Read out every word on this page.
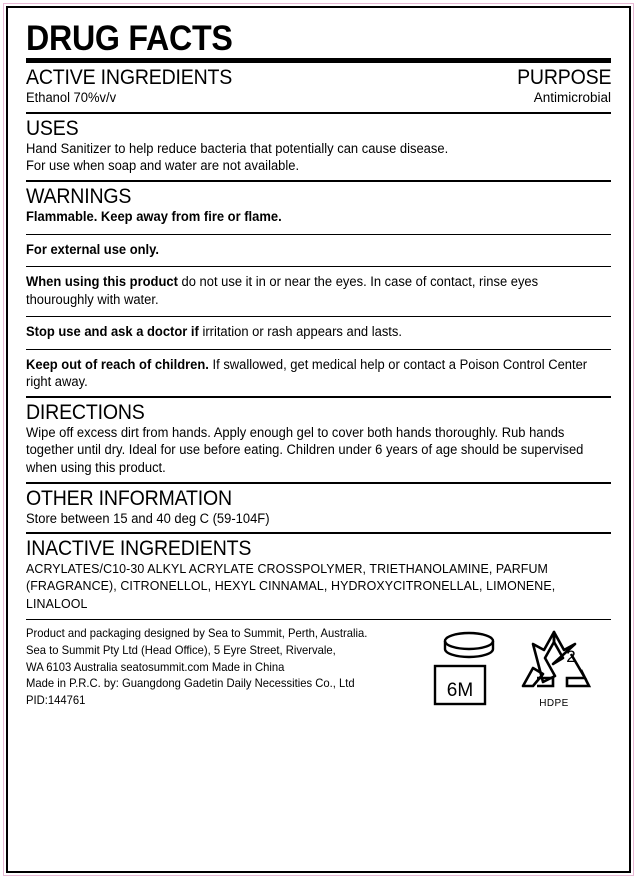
DRUG FACTS
ACTIVE INGREDIENTS	PURPOSE
Ethanol 70%v/v	Antimicrobial
USES
Hand Sanitizer to help reduce bacteria that potentially can cause disease.
For use when soap and water are not available.
WARNINGS
Flammable. Keep away from fire or flame.
For external use only.
When using this product do not use it in or near the eyes. In case of contact, rinse eyes thouroughly with water.
Stop use and ask a doctor if irritation or rash appears and lasts.
Keep out of reach of children. If swallowed, get medical help or contact a Poison Control Center right away.
DIRECTIONS
Wipe off excess dirt from hands. Apply enough gel to cover both hands thoroughly. Rub hands together until dry. Ideal for use before eating. Children under 6 years of age should be supervised when using this product.
OTHER INFORMATION
Store between 15 and 40 deg C (59-104F)
INACTIVE INGREDIENTS
ACRYLATES/C10-30 ALKYL ACRYLATE CROSSPOLYMER, TRIETHANOLAMINE, PARFUM (FRAGRANCE), CITRONELLOL, HEXYL CINNAMAL, HYDROXYCITRONELLAL, LIMONENE, LINALOOL
Product and packaging designed by Sea to Summit, Perth, Australia.
Sea to Summit Pty Ltd (Head Office), 5 Eyre Street, Rivervale,
WA 6103 Australia seatosummit.com Made in China
Made in P.R.C. by: Guangdong Gadetin Daily Necessities Co., Ltd
PID:144761	6M
2
HDPE
